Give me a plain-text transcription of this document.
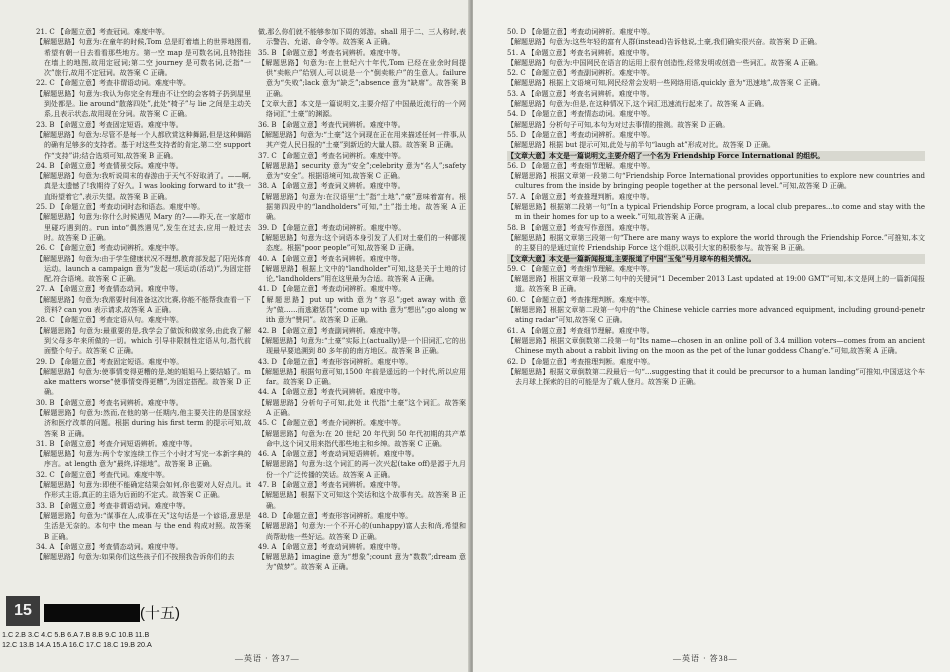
21. C 【命题立意】考查冠词。难度中等。

【解题思路】句意为:在童年的时候,Tom 总是盯着墙上的世界地图看,希望有朝一日去看看那些地方。第一空 map 是可数名词,且特指挂在墙上的地图,故用定冠词;第二空 journey 是可数名词,泛指“一次”旅行,故用不定冠词。故答案 C 正确。

22. C 【命题立意】考查非谓语动词。难度中等。

【解题思路】句意为:我认为你完全有理由不让空的会客椅子扔到屋里到处都是。lie around“散落四处”,此处“椅子”与 lie 之间是主动关系,且表示状态,故用现在分词。故答案 C 正确。

23. B 【命题立意】考查固定短语。难度中等。

【解题思路】句意为:尽管不是每一个人都欣赏这种舞蹈,但是这种舞蹈的确有足够多的支持者。基于对这些支持者的肯定,第二空 support 作“支持”讲;结合选项可知,故答案 B 正确。

24. B 【命题立意】考查情景交际。难度中等。

【解题思路】句意为:我听说周末的春游由于天气不好取消了。——啊,真是太遗憾了!我期待了好久。I was looking forward to it“我一直盼望着它”,表示失望。故答案 B 正确。

25. D 【命题立意】考查动词时态和语态。难度中等。

【解题思路】句意为:你什么时候遇见 Mary 的?——昨天,在一家超市里碰巧遇到的。run into“偶然遇见”,发生在过去,应用一般过去时。故答案 D 正确。

26. C 【命题立意】考查动词辨析。难度中等。

【解题思路】句意为:由于学生健康状况不理想,教育部发起了阳光体育运动。launch a campaign 意为“发起一项运动(活动)”,为固定搭配,符合语境。故答案 C 正确。

27. A 【命题立意】考查情态动词。难度中等。

【解题思路】句意为:我需要时间准备这次比赛,你能不能帮我查看一下资料? can you 表示请求,故答案 A 正确。

28. C 【命题立意】考查定语从句。难度中等。

【解题思路】句意为:最重要的是,我学会了做饭和做家务,由此我了解到父母多年来所做的一切。which 引导非限制性定语从句,指代前面整个句子。故答案 C 正确。

29. D 【命题立意】考查固定短语。难度中等。

【解题思路】句意为:使事情变得更糟的是,她的姐姐马上要结婚了。make matters worse“使事情变得更糟”,为固定搭配。故答案 D 正确。

30. B 【命题立意】考查名词辨析。难度中等。

【解题思路】句意为:然而,在他的第一任期内,他主要关注的是国家经济和医疗改革的问题。根据 during his first term 的提示可知,故答案 B 正确。

31. B 【命题立意】考查介词短语辨析。难度中等。

【解题思路】句意为:两个专家连续工作三个小时才写完一本新字典的序言。at length 意为“最终,详细地”。故答案 B 正确。

32. C 【命题立意】考查代词。难度中等。

【解题思路】句意为:即使不能确定结果会如何,你也要对人好点儿。it 作形式主语,真正的主语为后面的不定式。故答案 C 正确。

33. B 【命题立意】考查非谓语动词。难度中等。

【解题思路】句意为:“谋事在人,成事在天”这句话是一个谚语,意思是生活是无奈的。本句中 the mean 与 the end 构成对照。故答案 B 正确。

34. A 【命题立意】考查情态动词。难度中等。

【解题思路】句意为:如果你们这些孩子们不按照我告诉你们的去

做,那么你们就不能够参加下周的郊游。shall 用于二、三人称时,表示警告、允诺、命令等。故答案 A 正确。

35. B 【命题立意】考查名词辨析。难度中等。

【解题思路】句意为:在上世纪六十年代,Tom 已经在业余时间提供“卖帐户”给别人,可以说是一个“倒卖帐户”的生意人。failure 意为“失败”;lack 意为“缺乏”;absence 意为“缺席”。故答案 B 正确。

【文章大意】本文是一篇说明文,主要介绍了中国最近流行的一个网络词汇“土豪”的渊源。

36. B 【命题立意】考查代词辨析。难度中等。

【解题思路】句意为:“土豪”这个词现在正在用来描述任何一件事,从其产党人民日报的“土豪”到新近的大量人群。故答案 B 正确。

37. C 【命题立意】考查名词辨析。难度中等。

【解题思路】security 意为“安全”;celebrity 意为“名人”;safety 意为“安全”。根据语境可知,故答案 C 正确。

38. A 【命题立意】考查词义辨析。难度中等。

【解题思路】句意为:在汉语里“土”指“土地”,“豪”意味着富有。根据第四段中的“landholders”可知,“土”指土地。故答案 A 正确。

39. D 【命题立意】考查动词辨析。难度中等。

【解题思路】句意为:这个词语本身引发了人们对土豪们的一种鄙视态度。根据“poor people”可知,故答案 D 正确。

40. A 【命题立意】考查名词辨析。难度中等。

【解题思路】根据上文中的“landholder”可知,这是关于土地的讨论,“landholders”用在这里最为合适。故答案 A 正确。

41. D 【命题立意】考查动词辨析。难度中等。

【解题思路】put up with 意为“容忍”;get away with 意为“做……而逃避惩罚”;come up with 意为“想出”;go along with 意为“赞同”。故答案 D 正确。

42. B 【命题立意】考查副词辨析。难度中等。

【解题思路】句意为:“土豪”实际上(actually)是一个旧词汇,它的出现最早要追溯到 80 多年前的南方地区。故答案 B 正确。

43. D 【命题立意】考查形容词辨析。难度中等。

【解题思路】根据句意可知,1500 年前是遥远的一个时代,所以应用 far。故答案 D 正确。

44. A 【命题立意】考查代词辨析。难度中等。

【解题思路】分析句子可知,此处 it 代指“土豪”这个词汇。故答案 A 正确。

45. C 【命题立意】考查介词辨析。难度中等。

【解题思路】句意为:在 20 世纪 20 年代到 50 年代初期的共产革命中,这个词又用来指代那些地主和乡绅。故答案 C 正确。

46. A 【命题立意】考查动词短语辨析。难度中等。

【解题思路】句意为:这个词汇的再一次兴起(take off)是源于九月份一个广泛传播的笑话。故答案 A 正确。

47. B 【命题立意】考查名词辨析。难度中等。

【解题思路】根据下文可知这个笑话和这个故事有关。故答案 B 正确。

48. D 【命题立意】考查形容词辨析。难度中等。

【解题思路】句意为:一个不开心的(unhappy)富人去和尚,希望和尚帮助他一些好运。故答案 D 正确。

49. A 【命题立意】考查动词辨析。难度中等。

【解题思路】imagine 意为“想象”;count 意为“数数”;dream 意为“做梦”。故答案 A 正确。

15	(十五)
1.C 2.B 3.C 4.C 5.B 6.A 7.B 8.B 9.C 10.B 11.B
12.C 13.B 14.A 15.A 16.C 17.C 18.C 19.B 20.A
—英语 · 答37—

50. D 【命题立意】考查动词辨析。难度中等。

【解题思路】句意为:这些年轻的富有人群(instead)告诉他说,土豪,我们确实很兴奋。故答案 D 正确。

51. A 【命题立意】考查名词辨析。难度中等。

【解题思路】句意为:中国网民在语言的运用上很有创造性,经常发明或创造一些词汇。故答案 A 正确。

52. C 【命题立意】考查副词辨析。难度中等。

【解题思路】根据上文语境可知,网民经常会发明一些网络用语,quickly 意为“迅速地”,故答案 C 正确。

53. A 【命题立意】考查名词辨析。难度中等。

【解题思路】句意为:但是,在这种情况下,这个词汇迅速流行起来了。故答案 A 正确。

54. D 【命题立意】考查情态动词。难度中等。

【解题思路】分析句子可知,本句为对过去事情的推测。故答案 D 正确。

55. D 【命题立意】考查动词辨析。难度中等。

【解题思路】根据 but 提示可知,此处与前半句“laugh at”形成对比。故答案 D 正确。

【文章大意】本文是一篇说明文,主要介绍了一个名为 Friendship Force International 的组织。

56. D 【命题立意】考查细节理解。难度中等。

【解题思路】根据文章第一段第二句“Friendship Force International provides opportunities to explore new countries and cultures from the inside by bringing people together at the personal level.”可知,故答案 D 正确。

57. A 【命题立意】考查推理判断。难度中等。

【解题思路】根据第二段第一句“In a typical Friendship Force program, a local club prepares...to come and stay with them in their homes for up to a week.”可知,故答案 A 正确。

58. B 【命题立意】考查写作意图。难度中等。

【解题思路】根据文章第三段第一句“There are many ways to explore the world through the Friendship Force.”可推知,本文的主要目的是通过宣传 Friendship Force 这个组织,以吸引大家的积极参与。故答案 B 正确。

【文章大意】本文是一篇新闻报道,主要报道了中国“玉兔”号月球车的相关情况。

59. C 【命题立意】考查细节理解。难度中等。

【解题思路】根据文章第一段第二句中的关键词“1 December 2013 Last updated at 19:00 GMT”可知,本文是网上的一篇新闻报道。故答案 B 正确。

60. C 【命题立意】考查推理判断。难度中等。

【解题思路】根据文章第二段第一句中的“the Chinese vehicle carries more advanced equipment, including ground-penetrating radar”可知,故答案 C 正确。

61. A 【命题立意】考查细节理解。难度中等。

【解题思路】根据文章倒数第二段第一句“Its name—chosen in an online poll of 3.4 million voters—comes from an ancient Chinese myth about a rabbit living on the moon as the pet of the lunar goddess Chang'e.”可知,故答案 A 正确。

62. D 【命题立意】考查推理判断。难度中等。

【解题思路】根据文章倒数第二段最后一句“...suggesting that it could be precursor to a human landing”可推知,中国送这个车去月球上探索的目的可能是为了载人登月。故答案 D 正确。

—英语 · 答38—
